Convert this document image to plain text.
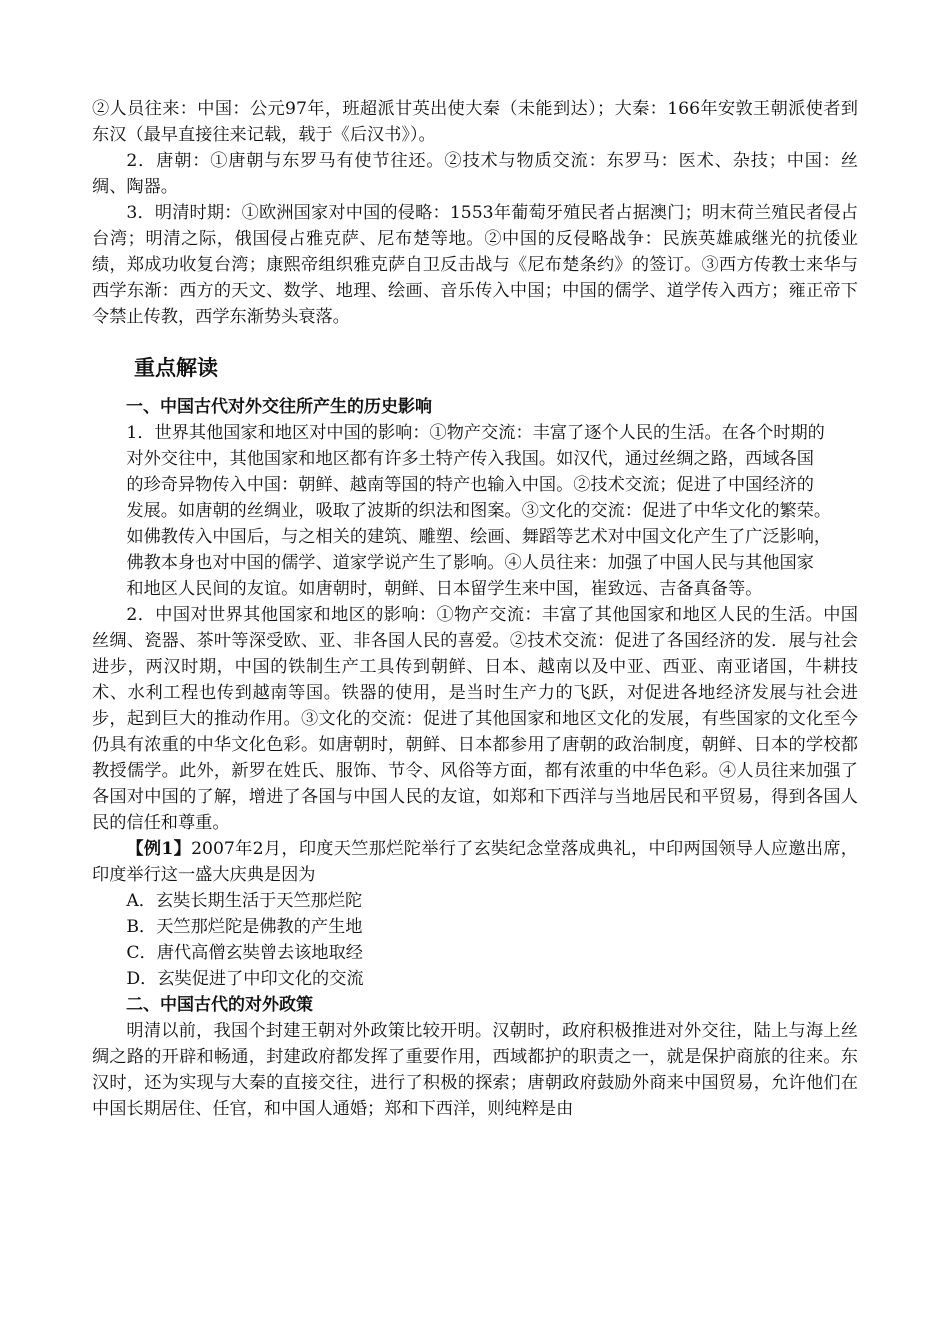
②人员往来：中国：公元97年，班超派甘英出使大秦（未能到达）；大秦：166年安敦王朝派使者到东汉（最早直接往来记载，载于《后汉书》）。

2．唐朝：①唐朝与东罗马有使节往还。②技术与物质交流：东罗马：医术、杂技；中国：丝绸、陶器。

3．明清时期：①欧洲国家对中国的侵略：1553年葡萄牙殖民者占据澳门；明末荷兰殖民者侵占台湾；明清之际，俄国侵占雅克萨、尼布楚等地。②中国的反侵略战争：民族英雄戚继光的抗倭业绩，郑成功收复台湾；康熙帝组织雅克萨自卫反击战与《尼布楚条约》的签订。③西方传教士来华与西学东渐：西方的天文、数学、地理、绘画、音乐传入中国；中国的儒学、道学传入西方；雍正帝下令禁止传教，西学东渐势头衰落。

重点解读

一、中国古代对外交往所产生的历史影响

1．世界其他国家和地区对中国的影响：①物产交流：丰富了逐个人民的生活。在各个时期的

对外交往中，其他国家和地区都有许多土特产传入我国。如汉代，通过丝绸之路，西域各国

的珍奇异物传入中国：朝鲜、越南等国的特产也输入中国。②技术交流；促进了中国经济的

发展。如唐朝的丝绸业，吸取了波斯的织法和图案。③文化的交流：促进了中华文化的繁荣。

如佛教传入中国后，与之相关的建筑、雕塑、绘画、舞蹈等艺术对中国文化产生了广泛影响，

佛教本身也对中国的儒学、道家学说产生了影响。④人员往来：加强了中国人民与其他国家

和地区人民间的友谊。如唐朝时，朝鲜、日本留学生来中国，崔致远、吉备真备等。

2．中国对世界其他国家和地区的影响：①物产交流：丰富了其他国家和地区人民的生活。中国丝绸、瓷器、茶叶等深受欧、亚、非各国人民的喜爱。②技术交流：促进了各国经济的发．展与社会进步，两汉时期，中国的铁制生产工具传到朝鲜、日本、越南以及中亚、西亚、南亚诸国，牛耕技术、水利工程也传到越南等国。铁器的使用，是当时生产力的飞跃，对促进各地经济发展与社会进步，起到巨大的推动作用。③文化的交流：促进了其他国家和地区文化的发展，有些国家的文化至今仍具有浓重的中华文化色彩。如唐朝时，朝鲜、日本都参用了唐朝的政治制度，朝鲜、日本的学校都教授儒学。此外，新罗在姓氏、服饰、节令、风俗等方面，都有浓重的中华色彩。④人员往来加强了各国对中国的了解，增进了各国与中国人民的友谊，如郑和下西洋与当地居民和平贸易，得到各国人民的信任和尊重。

【例1】2007年2月，印度天竺那烂陀举行了玄奘纪念堂落成典礼，中印两国领导人应邀出席，印度举行这一盛大庆典是因为

A．玄奘长期生活于天竺那烂陀

B．天竺那烂陀是佛教的产生地

C．唐代高僧玄奘曾去该地取经

D．玄奘促进了中印文化的交流

二、中国古代的对外政策

明清以前，我国个封建王朝对外政策比较开明。汉朝时，政府积极推进对外交往，陆上与海上丝绸之路的开辟和畅通，封建政府都发挥了重要作用，西域都护的职责之一，就是保护商旅的往来。东汉时，还为实现与大秦的直接交往，进行了积极的探索；唐朝政府鼓励外商来中国贸易，允许他们在中国长期居住、任官，和中国人通婚；郑和下西洋，则纯粹是由
